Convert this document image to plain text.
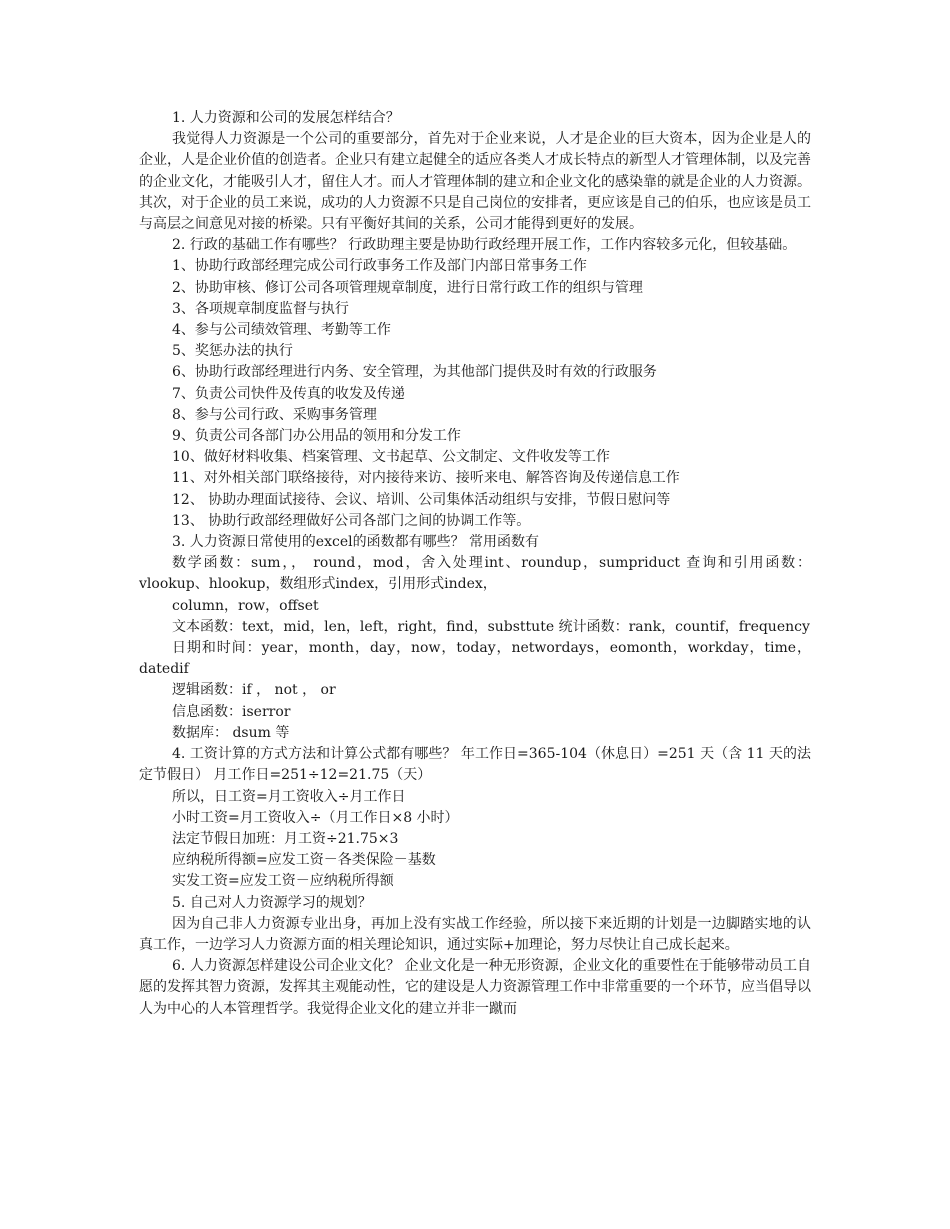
1. 人力资源和公司的发展怎样结合？

我觉得人力资源是一个公司的重要部分，首先对于企业来说，人才是企业的巨大资本，因为企业是人的企业，人是企业价值的创造者。企业只有建立起健全的适应各类人才成长特点的新型人才管理体制，以及完善的企业文化，才能吸引人才，留住人才。而人才管理体制的建立和企业文化的感染靠的就是企业的人力资源。其次，对于企业的员工来说，成功的人力资源不只是自己岗位的安排者，更应该是自己的伯乐，也应该是员工与高层之间意见对接的桥梁。只有平衡好其间的关系，公司才能得到更好的发展。

2. 行政的基础工作有哪些？ 行政助理主要是协助行政经理开展工作，工作内容较多元化，但较基础。

1、协助行政部经理完成公司行政事务工作及部门内部日常事务工作

2、协助审核、修订公司各项管理规章制度，进行日常行政工作的组织与管理

3、各项规章制度监督与执行

4、参与公司绩效管理、考勤等工作

5、奖惩办法的执行

6、协助行政部经理进行内务、安全管理，为其他部门提供及时有效的行政服务

7、负责公司快件及传真的收发及传递

8、参与公司行政、采购事务管理

9、负责公司各部门办公用品的领用和分发工作

10、做好材料收集、档案管理、文书起草、公文制定、文件收发等工作

11、对外相关部门联络接待，对内接待来访、接听来电、解答咨询及传递信息工作

12、 协助办理面试接待、会议、培训、公司集体活动组织与安排，节假日慰问等

13、 协助行政部经理做好公司各部门之间的协调工作等。

3. 人力资源日常使用的excel的函数都有哪些？ 常用函数有

数学函数：sum，， round，mod，舍入处理int、roundup，sumpriduct 查询和引用函数：vlookup、hlookup，数组形式index，引用形式index，

column，row，offset

文本函数：text，mid，len，left，right，find，substtute 统计函数：rank，countif，frequency

日期和时间：year，month，day，now，today，networdays，eomonth，workday，time，datedif

逻辑函数：if ， not ， or

信息函数：iserror

数据库： dsum 等

4. 工资计算的方式方法和计算公式都有哪些？ 年工作日=365-104（休息日）=251 天（含 11 天的法定节假日） 月工作日=251÷12=21.75（天）

所以，日工资=月工资收入÷月工作日

小时工资=月工资收入÷（月工作日×8 小时）

法定节假日加班：月工资÷21.75×3

应纳税所得额=应发工资－各类保险－基数

实发工资=应发工资－应纳税所得额

5. 自己对人力资源学习的规划？

因为自己非人力资源专业出身，再加上没有实战工作经验，所以接下来近期的计划是一边脚踏实地的认真工作，一边学习人力资源方面的相关理论知识，通过实际+加理论，努力尽快让自己成长起来。

6. 人力资源怎样建设公司企业文化？ 企业文化是一种无形资源，企业文化的重要性在于能够带动员工自愿的发挥其智力资源，发挥其主观能动性，它的建设是人力资源管理工作中非常重要的一个环节，应当倡导以人为中心的人本管理哲学。我觉得企业文化的建立并非一蹴而
